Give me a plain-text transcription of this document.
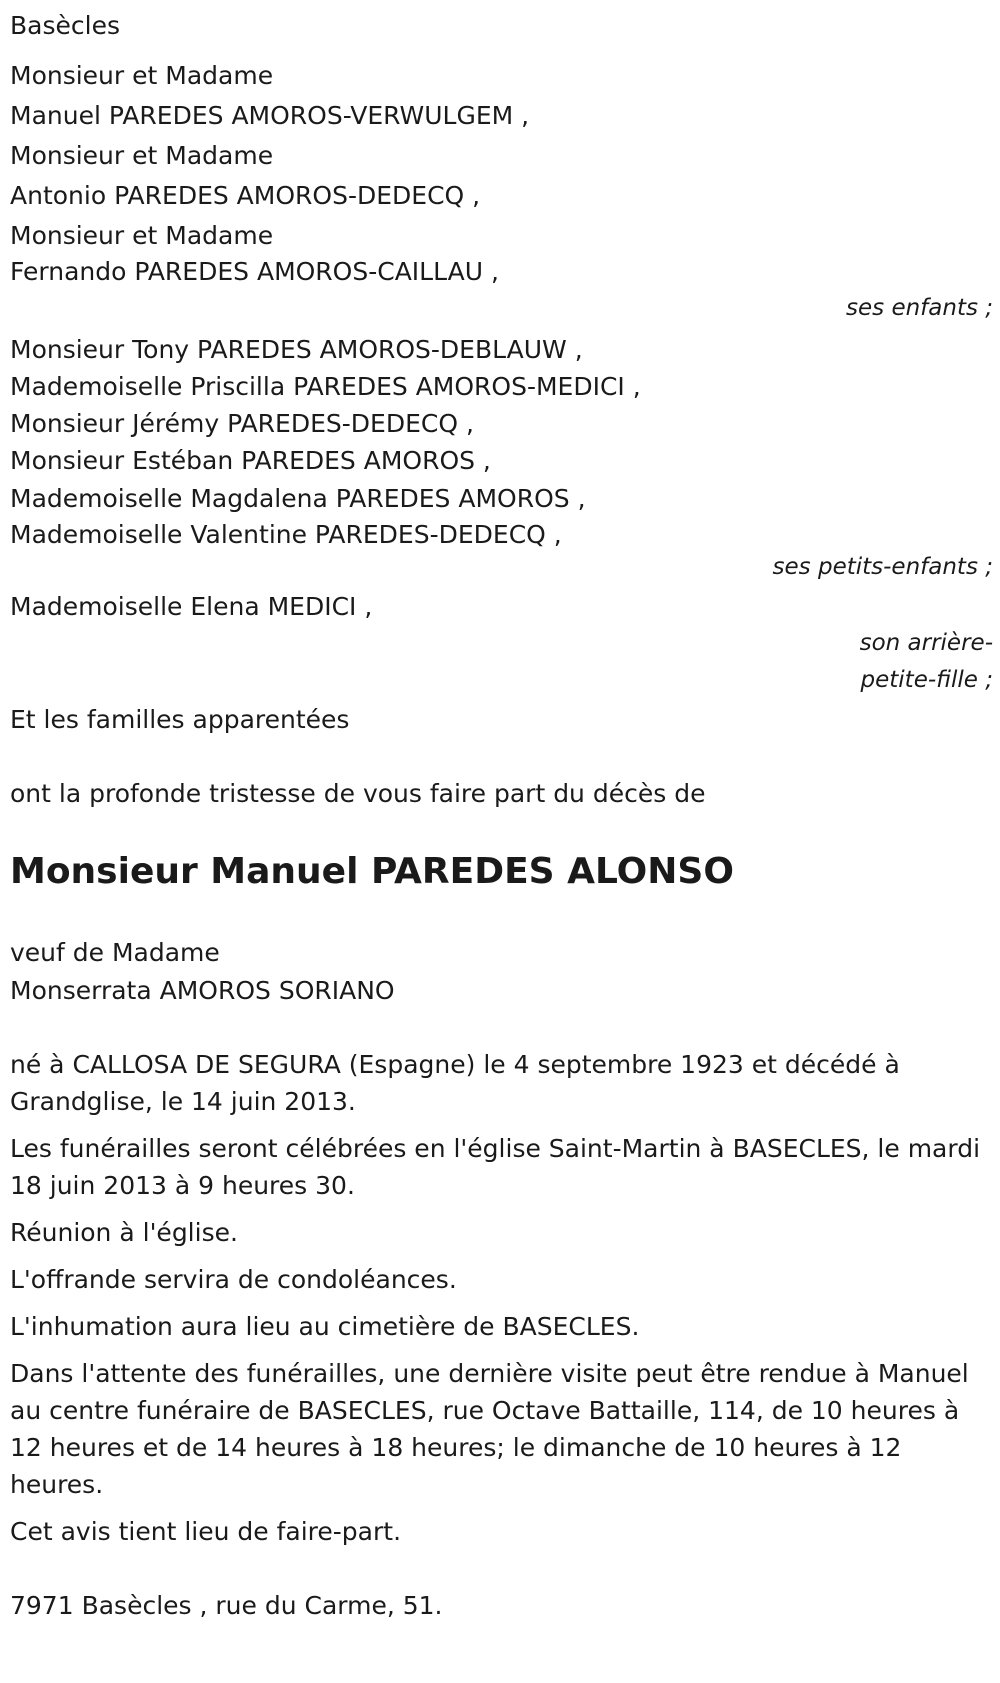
Basècles
Monsieur et Madame
Manuel PAREDES AMOROS-VERWULGEM ,
Monsieur et Madame
Antonio PAREDES AMOROS-DEDECQ ,
Monsieur et Madame
Fernando PAREDES AMOROS-CAILLAU ,
ses enfants ;
Monsieur Tony PAREDES AMOROS-DEBLAUW ,
Mademoiselle Priscilla PAREDES AMOROS-MEDICI ,
Monsieur Jérémy PAREDES-DEDECQ ,
Monsieur Estéban PAREDES AMOROS ,
Mademoiselle Magdalena PAREDES AMOROS ,
Mademoiselle Valentine PAREDES-DEDECQ ,
ses petits-enfants ;
Mademoiselle Elena MEDICI ,
son arrière-
petite-fille ;
Et les familles apparentées
ont la profonde tristesse de vous faire part du décès de
Monsieur Manuel PAREDES ALONSO
veuf de Madame
Monserrata AMOROS SORIANO

né à CALLOSA DE SEGURA (Espagne) le 4 septembre 1923 et décédé à Grandglise, le 14 juin 2013.

Les funérailles seront célébrées en l'église Saint-Martin à BASECLES, le mardi 18 juin 2013 à 9 heures 30.

Réunion à l'église.

L'offrande servira de condoléances.

L'inhumation aura lieu au cimetière de BASECLES.

Dans l'attente des funérailles, une dernière visite peut être rendue à Manuel au centre funéraire de BASECLES, rue Octave Battaille, 114, de 10 heures à 12 heures et de 14 heures à 18 heures; le dimanche de 10 heures à 12 heures.

Cet avis tient lieu de faire-part.

7971 Basècles , rue du Carme, 51.
